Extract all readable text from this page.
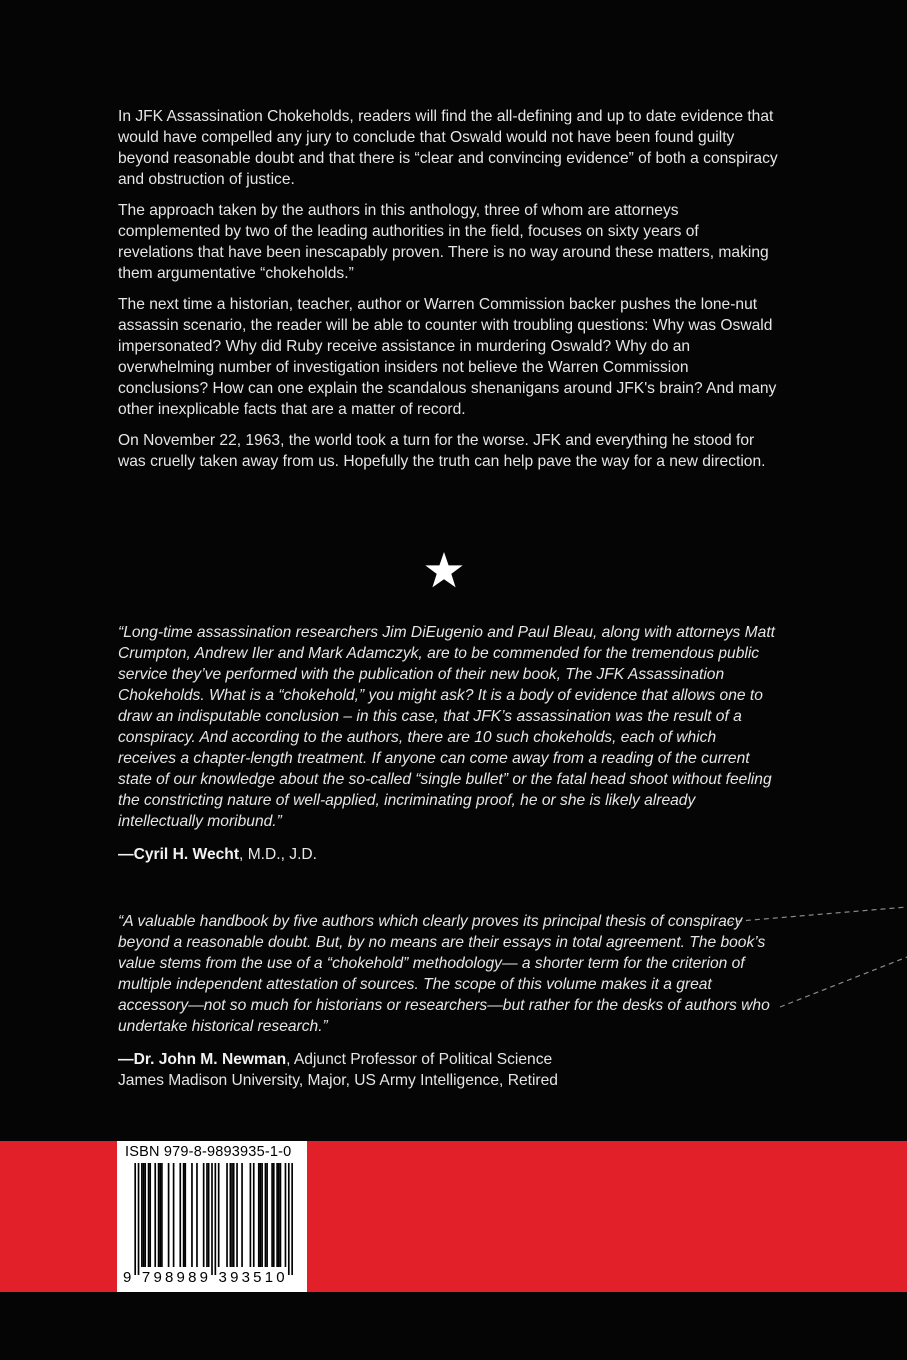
In JFK Assassination Chokeholds, readers will find the all-defining and up to date evidence that would have compelled any jury to conclude that Oswald would not have been found guilty beyond reasonable doubt and that there is “clear and convincing evidence” of both a conspiracy and obstruction of justice.

The approach taken by the authors in this anthology, three of whom are attorneys complemented by two of the leading authorities in the field, focuses on sixty years of revelations that have been inescapably proven. There is no way around these matters, making them argumentative “chokeholds.”

The next time a historian, teacher, author or Warren Commission backer pushes the lone-nut assassin scenario, the reader will be able to counter with troubling questions: Why was Oswald impersonated? Why did Ruby receive assistance in murdering Oswald? Why do an overwhelming number of investigation insiders not believe the Warren Commission conclusions? How can one explain the scandalous shenanigans around JFK's brain? And many other inexplicable facts that are a matter of record.

On November 22, 1963, the world took a turn for the worse. JFK and everything he stood for was cruelly taken away from us. Hopefully the truth can help pave the way for a new direction.

“Long-time assassination researchers Jim DiEugenio and Paul Bleau, along with attorneys Matt Crumpton, Andrew Iler and Mark Adamczyk, are to be commended for the tremendous public service they’ve performed with the publication of their new book, The JFK Assassination Chokeholds. What is a “chokehold,” you might ask? It is a body of evidence that allows one to draw an indisputable conclusion – in this case, that JFK’s assassination was the result of a conspiracy. And according to the authors, there are 10 such chokeholds, each of which receives a chapter-length treatment. If anyone can come away from a reading of the current state of our knowledge about the so-called “single bullet” or the fatal head shoot without feeling the constricting nature of well-applied, incriminating proof, he or she is likely already intellectually moribund.”

—Cyril H. Wecht, M.D., J.D.

“A valuable handbook by five authors which clearly proves its principal thesis of conspiracy beyond a reasonable doubt. But, by no means are their essays in total agreement. The book’s value stems from the use of a “chokehold” methodology— a shorter term for the criterion of multiple independent attestation of sources. The scope of this volume makes it a great accessory—not so much for historians or researchers—but rather for the desks of authors who undertake historical research.”

—Dr. John M. Newman, Adjunct Professor of Political Science
James Madison University, Major, US Army Intelligence, Retired

ISBN 979-8-9893935-1-0
9 798989 393510
